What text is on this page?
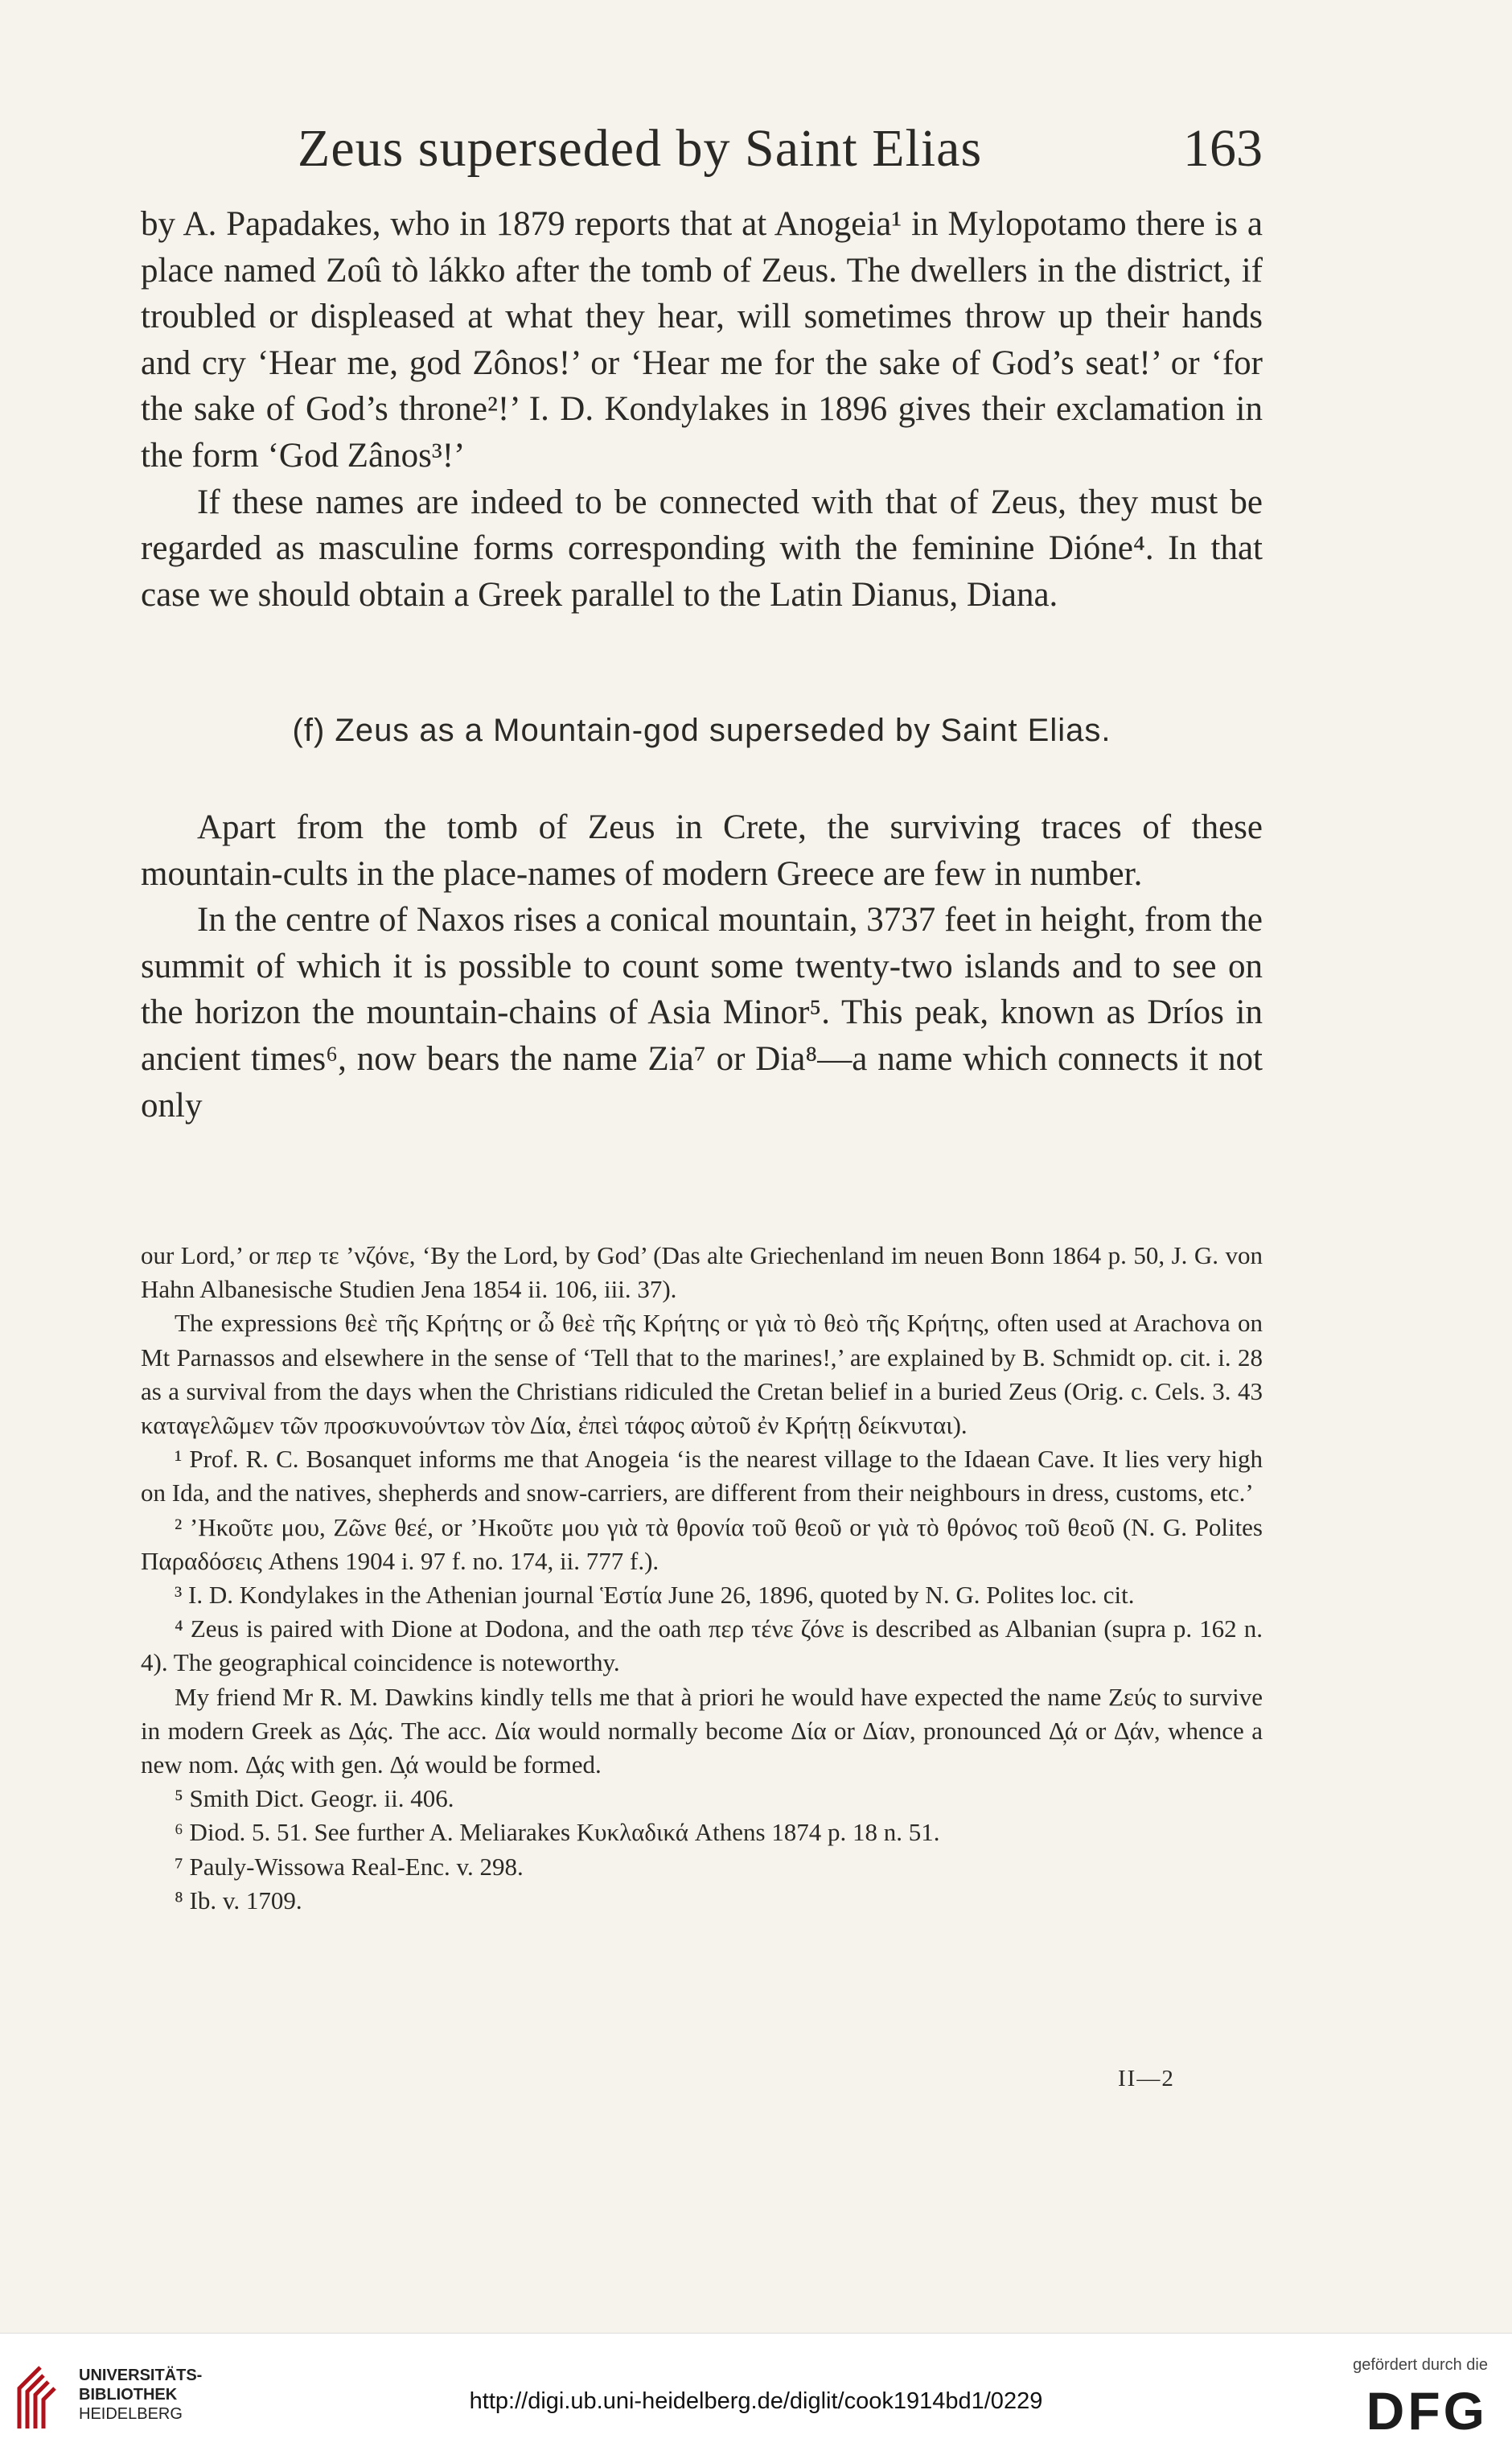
Zeus superseded by Saint Elias	163

by A. Papadakes, who in 1879 reports that at Anogeia¹ in Mylopotamo there is a place named Zoû tò lákko after the tomb of Zeus. The dwellers in the district, if troubled or displeased at what they hear, will sometimes throw up their hands and cry ‘Hear me, god Zônos!’ or ‘Hear me for the sake of God’s seat!’ or ‘for the sake of God’s throne²!’ I. D. Kondylakes in 1896 gives their exclamation in the form ‘God Zânos³!’

If these names are indeed to be connected with that of Zeus, they must be regarded as masculine forms corresponding with the feminine Dióne⁴. In that case we should obtain a Greek parallel to the Latin Dianus, Diana.

(f) Zeus as a Mountain-god superseded by Saint Elias.

Apart from the tomb of Zeus in Crete, the surviving traces of these mountain-cults in the place-names of modern Greece are few in number.

In the centre of Naxos rises a conical mountain, 3737 feet in height, from the summit of which it is possible to count some twenty-two islands and to see on the horizon the mountain-chains of Asia Minor⁵. This peak, known as Dríos in ancient times⁶, now bears the name Zia⁷ or Dia⁸—a name which connects it not only

our Lord,’ or περ τε ’νζόνε, ‘By the Lord, by God’ (Das alte Griechenland im neuen Bonn 1864 p. 50, J. G. von Hahn Albanesische Studien Jena 1854 ii. 106, iii. 37).

The expressions θεὲ τῆς Κρήτης or ὦ θεὲ τῆς Κρήτης or γιὰ τὸ θεὸ τῆς Κρήτης, often used at Arachova on Mt Parnassos and elsewhere in the sense of ‘Tell that to the marines!,’ are explained by B. Schmidt op. cit. i. 28 as a survival from the days when the Christians ridiculed the Cretan belief in a buried Zeus (Orig. c. Cels. 3. 43 καταγελῶμεν τῶν προσκυνούντων τὸν Δία, ἐπεὶ τάφος αὐτοῦ ἐν Κρήτῃ δείκνυται).

¹ Prof. R. C. Bosanquet informs me that Anogeia ‘is the nearest village to the Idaean Cave. It lies very high on Ida, and the natives, shepherds and snow-carriers, are different from their neighbours in dress, customs, etc.’

² ’Ηκοῦτε μου, Ζῶνε θεέ, or ’Ηκοῦτε μου γιὰ τὰ θρονία τοῦ θεοῦ or γιὰ τὸ θρόνος τοῦ θεοῦ (N. G. Polites Παραδόσεις Athens 1904 i. 97 f. no. 174, ii. 777 f.).

³ I. D. Kondylakes in the Athenian journal Ἑστία June 26, 1896, quoted by N. G. Polites loc. cit.

⁴ Zeus is paired with Dione at Dodona, and the oath περ τένε ζόνε is described as Albanian (supra p. 162 n. 4). The geographical coincidence is noteworthy.

My friend Mr R. M. Dawkins kindly tells me that à priori he would have expected the name Ζεύς to survive in modern Greek as Δ̦άς. The acc. Δία would normally become Δία or Δίαν, pronounced Δ̦ά or Δ̦άν, whence a new nom. Δ̦άς with gen. Δ̦ά would be formed.

⁵ Smith Dict. Geogr. ii. 406.

⁶ Diod. 5. 51. See further A. Meliarakes Κυκλαδικά Athens 1874 p. 18 n. 51.

⁷ Pauly-Wissowa Real-Enc. v. 298.

⁸ Ib. v. 1709.

II—2
UNIVERSITÄTS-
BIBLIOTHEK
HEIDELBERG	http://digi.ub.uni-heidelberg.de/diglit/cook1914bd1/0229
gefördert durch die
DFG
